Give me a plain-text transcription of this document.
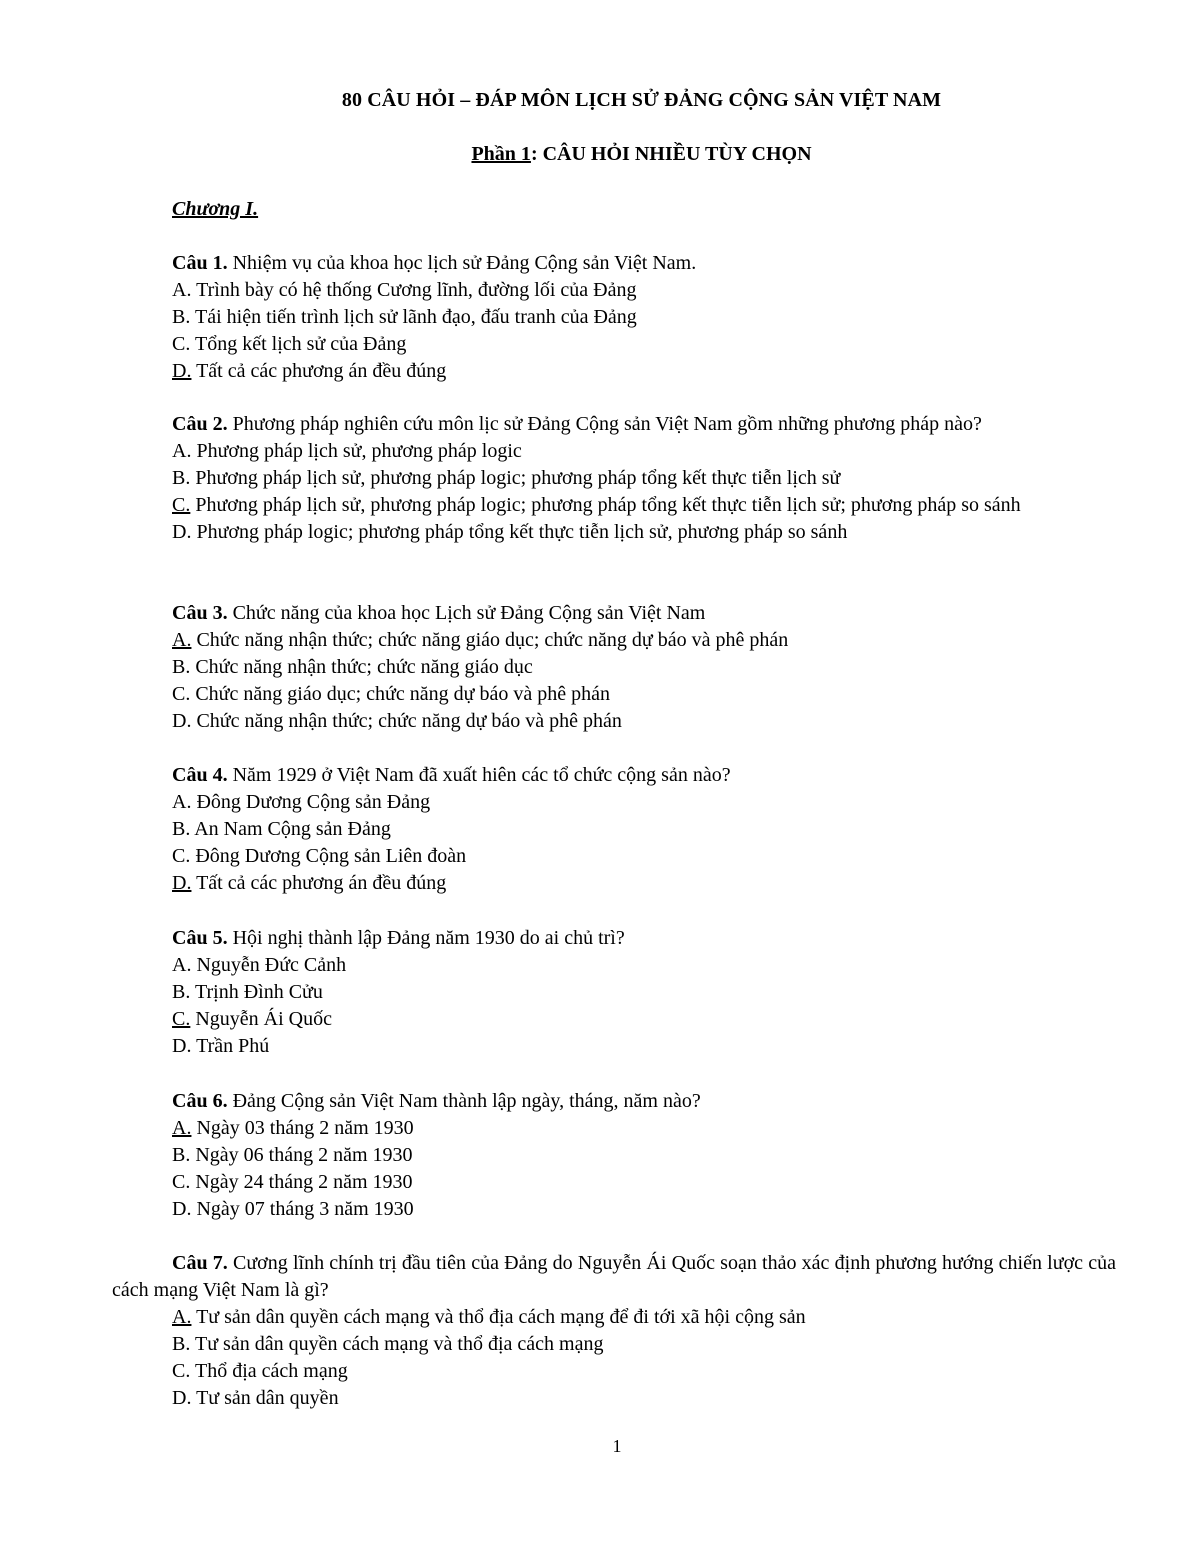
80 CÂU HỎI – ĐÁP MÔN LỊCH SỬ ĐẢNG CỘNG SẢN VIỆT NAM
Phần 1: CÂU HỎI NHIỀU TÙY CHỌN
Chương I.
Câu 1. Nhiệm vụ của khoa học lịch sử Đảng Cộng sản Việt Nam.
A. Trình bày có hệ thống Cương lĩnh, đường lối của Đảng
B. Tái hiện tiến trình lịch sử lãnh đạo, đấu tranh của Đảng
C. Tổng kết lịch sử của Đảng
D. Tất cả các phương án đều đúng
Câu 2. Phương pháp nghiên cứu môn lịc sử Đảng Cộng sản Việt Nam gồm những phương pháp nào?
A. Phương pháp lịch sử, phương pháp logic
B. Phương pháp lịch sử, phương pháp logic; phương pháp tổng kết thực tiễn lịch sử
C. Phương pháp lịch sử, phương pháp logic; phương pháp tổng kết thực tiễn lịch sử; phương pháp so sánh
D. Phương pháp logic; phương pháp tổng kết thực tiễn lịch sử, phương pháp so sánh
Câu 3. Chức năng của khoa học Lịch sử Đảng Cộng sản Việt Nam
A. Chức năng nhận thức; chức năng giáo dục; chức năng dự báo và phê phán
B. Chức năng nhận thức; chức năng giáo dục
C. Chức năng giáo dục; chức năng dự báo và phê phán
D. Chức năng nhận thức; chức năng dự báo và phê phán
Câu 4. Năm 1929 ở Việt Nam đã xuất hiên các tổ chức cộng sản nào?
A. Đông Dương Cộng sản Đảng
B. An Nam Cộng sản Đảng
C. Đông Dương Cộng sản Liên đoàn
D. Tất cả các phương án đều đúng
Câu 5. Hội nghị thành lập Đảng năm 1930 do ai chủ trì?
A. Nguyễn Đức Cảnh
B. Trịnh Đình Cửu
C. Nguyễn Ái Quốc
D. Trần Phú
Câu 6. Đảng Cộng sản Việt Nam thành lập ngày, tháng, năm nào?
A. Ngày 03 tháng 2 năm 1930
B. Ngày 06 tháng 2 năm 1930
C. Ngày 24 tháng 2 năm 1930
D. Ngày 07 tháng 3 năm 1930
Câu 7. Cương lĩnh chính trị đầu tiên của Đảng do Nguyễn Ái Quốc soạn thảo xác định phương hướng chiến lược của cách mạng Việt Nam là gì?
A. Tư sản dân quyền cách mạng và thổ địa cách mạng để đi tới xã hội cộng sản
B. Tư sản dân quyền cách mạng và thổ địa cách mạng
C. Thổ địa cách mạng
D. Tư sản dân quyền
1
